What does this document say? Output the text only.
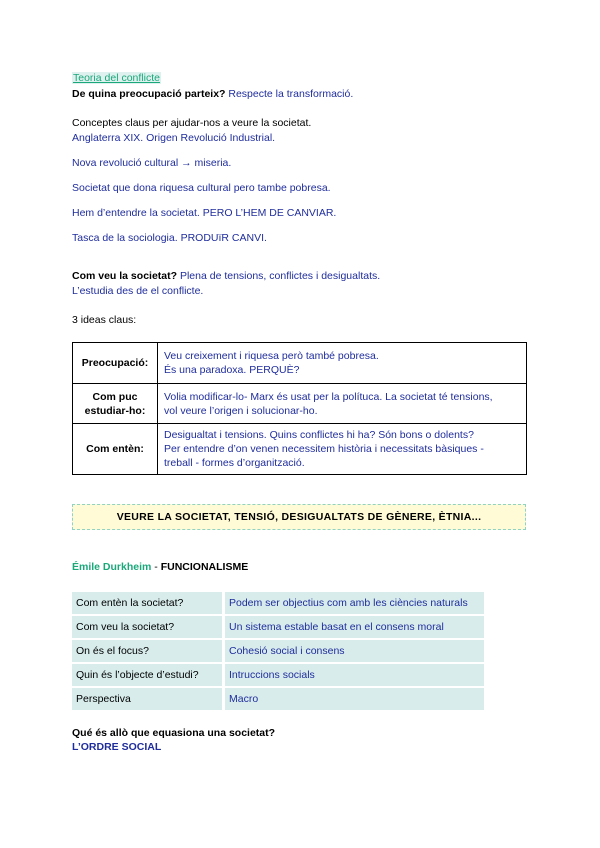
Teoria del conflicte
De quina preocupació parteix? Respecte la transformació.
Conceptes claus per ajudar-nos a veure la societat.
Anglaterra XIX. Origen Revolució Industrial.
Nova revolució cultural → miseria.
Societat que dona riquesa cultural pero tambe pobresa.
Hem d’entendre la societat. PERO L’HEM DE CANVIAR.
Tasca de la sociologia. PRODUïR CANVI.
Com veu la societat? Plena de tensions, conflictes i desigualtats.
L’estudia des de el conflicte.
3 ideas claus:
Preocupació:	Veu creixement i riquesa però també pobresa.
És una paradoxa. PERQUÈ?

Com puc estudiar-ho:	Volia modificar-lo- Marx és usat per la polítuca. La societat té tensions,
vol veure l’origen i solucionar-ho.

Com entèn:	Desigualtat i tensions. Quins conflictes hi ha? Són bons o dolents?
Per entendre d’on venen necessitem història i necessitats bàsiques -
treball - formes d’organització.
VEURE LA SOCIETAT, TENSIÓ, DESIGUALTATS DE GÈNERE, ÈTNIA...
Émile Durkheim - FUNCIONALISME
Com entèn la societat?	Podem ser objectius com amb les ciències naturals
Com veu la societat?	Un sistema estable basat en el consens moral
On és el focus?	Cohesió social i consens
Quin és l’objecte d’estudi?	Intruccions socials
Perspectiva	Macro
Qué és allò que equasiona una societat?
L’ORDRE SOCIAL
